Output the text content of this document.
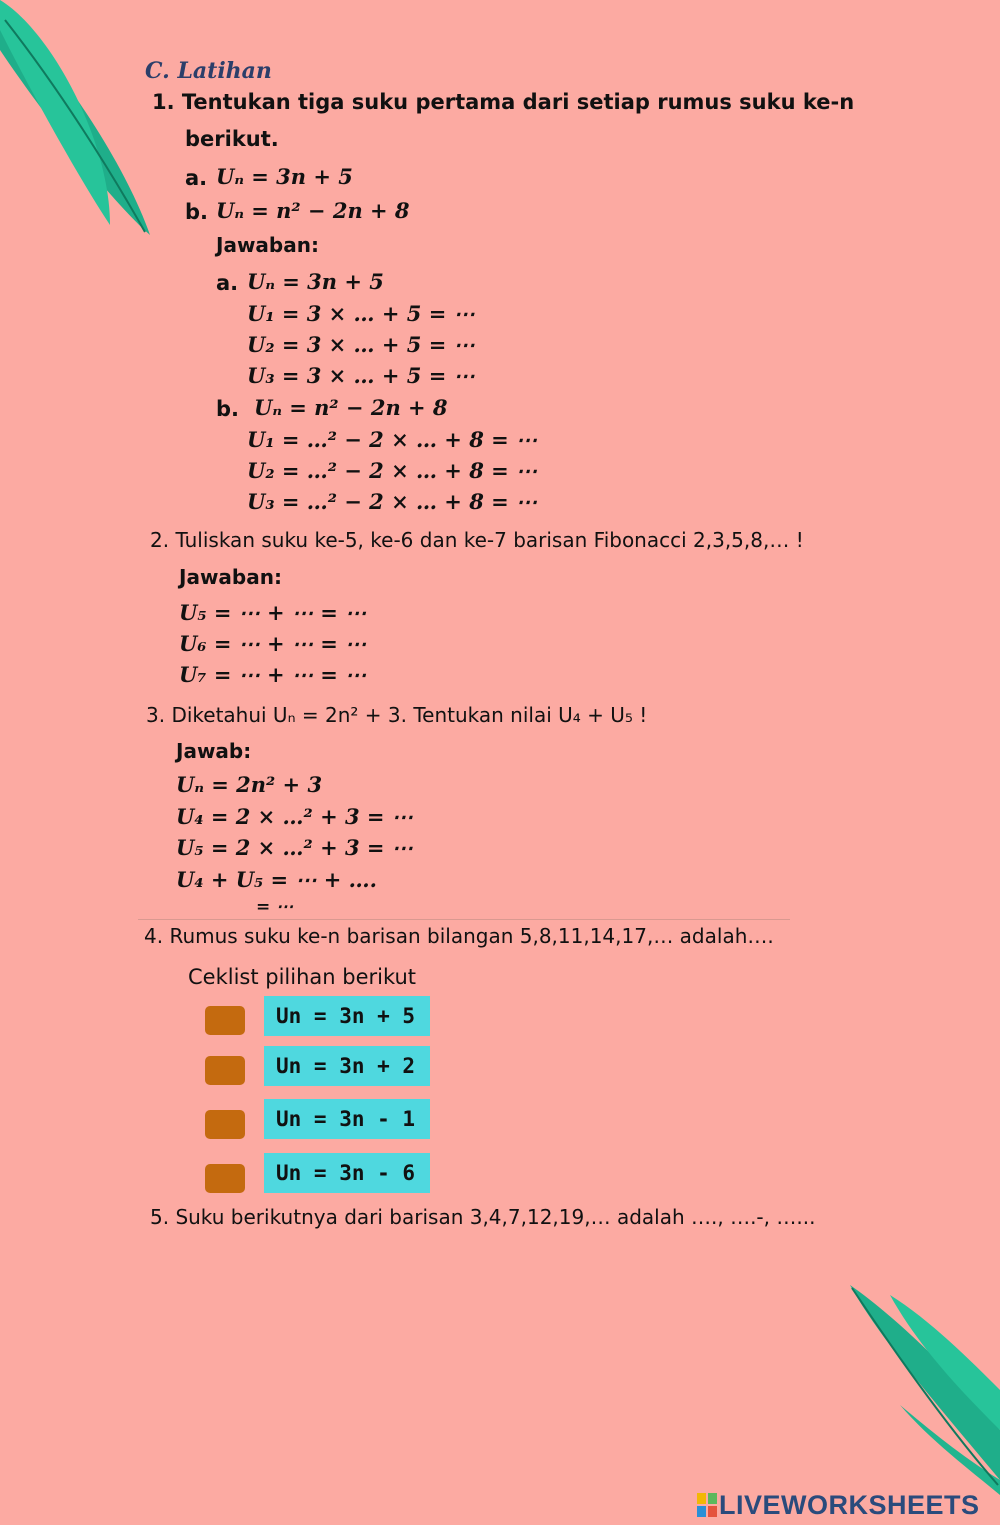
C. Latihan
1. Tentukan tiga suku pertama dari setiap rumus suku ke-n
berikut.
a. Uₙ = 3n + 5
b. Uₙ = n² − 2n + 8
Jawaban:
a. Uₙ = 3n + 5
U₁ = 3 × … + 5 = ⋯
U₂ = 3 × … + 5 = ⋯
U₃ = 3 × … + 5 = ⋯
b. Uₙ = n² − 2n + 8
U₁ = …² − 2 × … + 8 = ⋯
U₂ = …² − 2 × … + 8 = ⋯
U₃ = …² − 2 × … + 8 = ⋯
2. Tuliskan suku ke-5, ke-6 dan ke-7 barisan Fibonacci 2,3,5,8,… !
Jawaban:
U₅ = ⋯ + ⋯ = ⋯
U₆ = ⋯ + ⋯ = ⋯
U₇ = ⋯ + ⋯ = ⋯
3. Diketahui Uₙ = 2n² + 3. Tentukan nilai U₄ + U₅ !
Jawab:
Uₙ = 2n² + 3
U₄ = 2 × …² + 3 = ⋯
U₅ = 2 × …² + 3 = ⋯
U₄ + U₅ = ⋯ + ….
= ⋯
4. Rumus suku ke-n barisan bilangan 5,8,11,14,17,… adalah….
Ceklist pilihan berikut
Un = 3n + 5
Un = 3n + 2
Un = 3n - 1
Un = 3n - 6
5. Suku berikutnya dari barisan 3,4,7,12,19,… adalah …., ….-, …...
LIVEWORKSHEETS
